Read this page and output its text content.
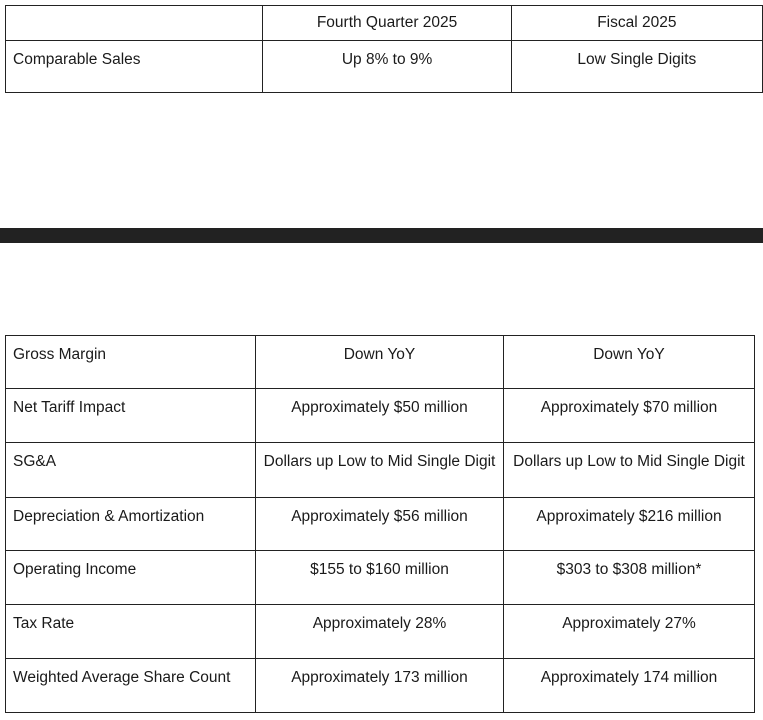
	Fourth Quarter 2025	Fiscal 2025
Comparable Sales	Up 8% to 9%	Low Single Digits
Gross Margin	Down YoY	Down YoY
Net Tariff Impact	Approximately $50 million	Approximately $70 million
SG&A	Dollars up Low to Mid Single Digit	Dollars up Low to Mid Single Digit
Depreciation & Amortization	Approximately $56 million	Approximately $216 million
Operating Income	$155 to $160 million	$303 to $308 million*
Tax Rate	Approximately 28%	Approximately 27%
Weighted Average Share Count	Approximately 173 million	Approximately 174 million
